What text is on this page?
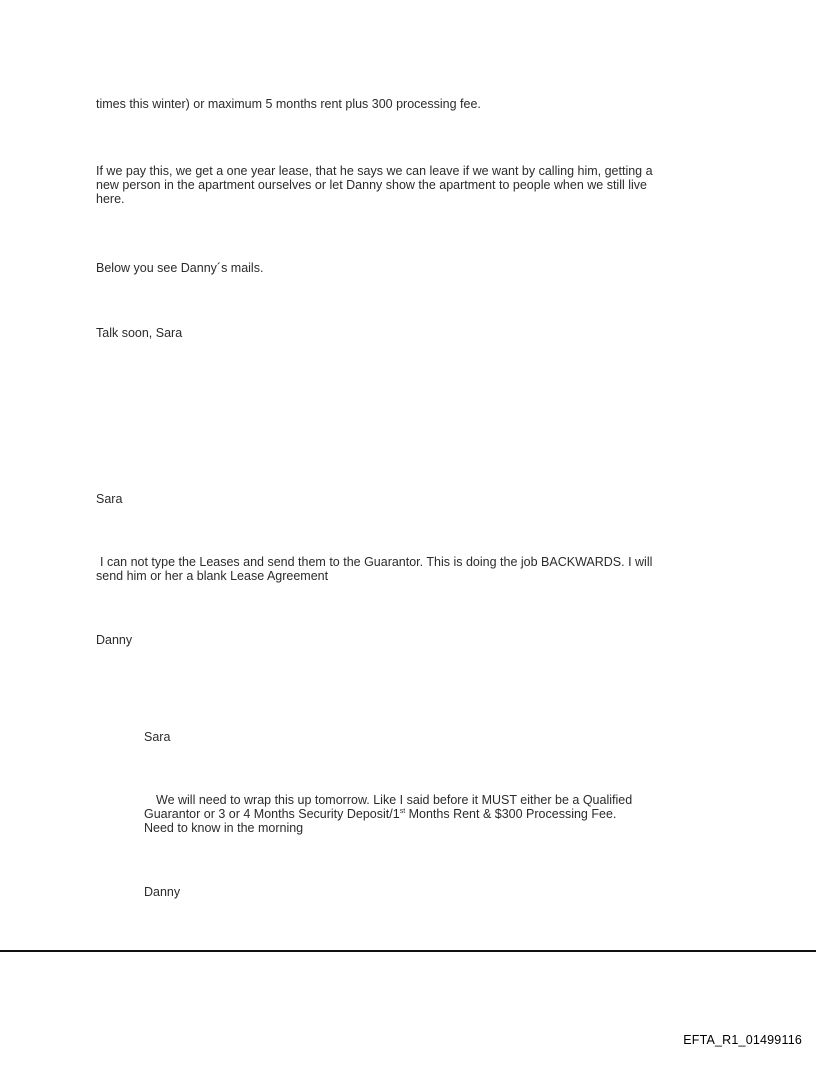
times this winter) or maximum 5 months rent plus 300 processing fee.

If we pay this, we get a one year lease, that he says we can leave if we want by calling him, getting a
new person in the apartment ourselves or let Danny show the apartment to people when we still live
here.

Below you see Danny´s mails.

Talk soon, Sara

Sara

I can not type the Leases and send them to the Guarantor. This is doing the job BACKWARDS. I will
send him or her a blank Lease Agreement

Danny

Sara

We will need to wrap this up tomorrow. Like I said before it MUST either be a Qualified
Guarantor or 3 or 4 Months Security Deposit/1st Months Rent & $300 Processing Fee.
Need to know in the morning

Danny

EFTA_R1_01499116
